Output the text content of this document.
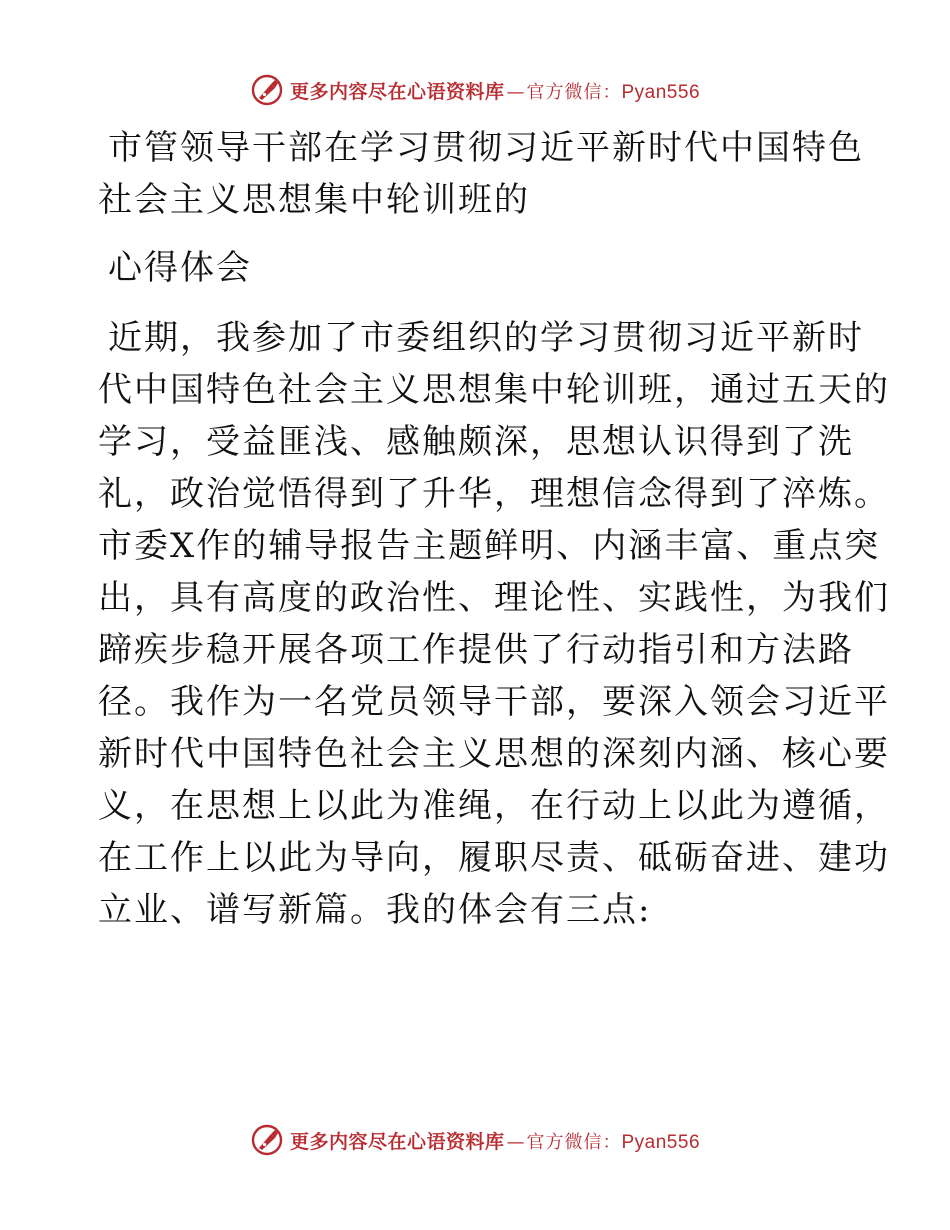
更多内容尽在心语资料库 — 官方微信： Pyan556

市管领导干部在学习贯彻习近平新时代中国特色

社会主义思想集中轮训班的

心得体会

近期，我参加了市委组织的学习贯彻习近平新时
代中国特色社会主义思想集中轮训班，通过五天的
学习，受益匪浅、感触颇深，思想认识得到了洗
礼，政治觉悟得到了升华，理想信念得到了淬炼。
市委X作的辅导报告主题鲜明、内涵丰富、重点突
出，具有高度的政治性、理论性、实践性，为我们
蹄疾步稳开展各项工作提供了行动指引和方法路
径。我作为一名党员领导干部，要深入领会习近平
新时代中国特色社会主义思想的深刻内涵、核心要
义，在思想上以此为准绳，在行动上以此为遵循，
在工作上以此为导向，履职尽责、砥砺奋进、建功
立业、谱写新篇。我的体会有三点:

更多内容尽在心语资料库 — 官方微信： Pyan556
